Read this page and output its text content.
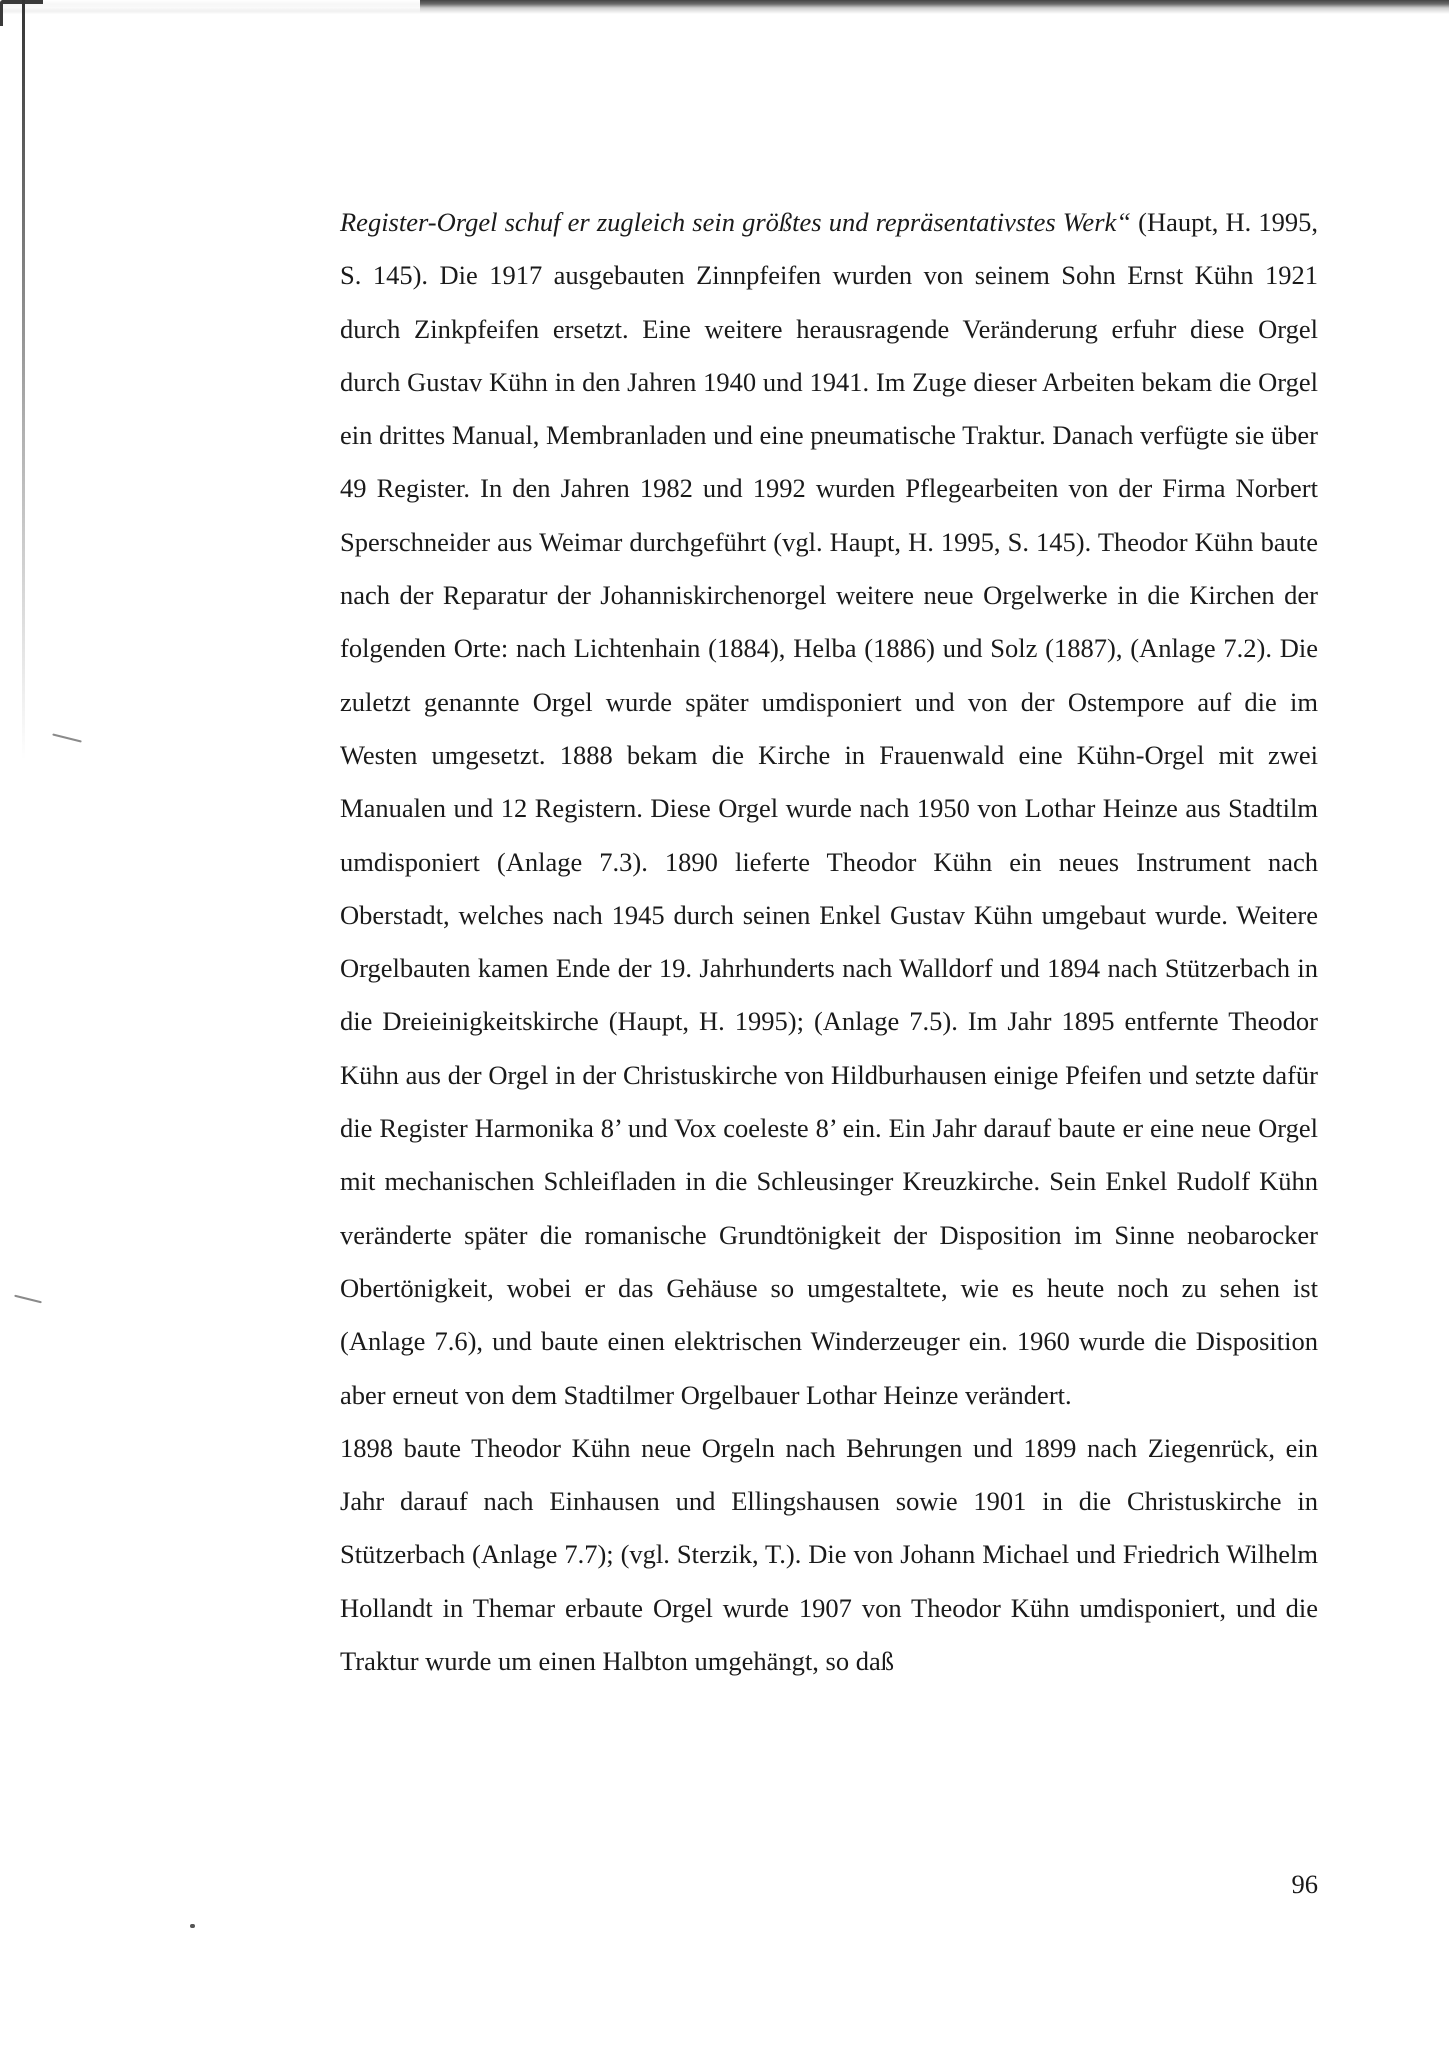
Register-Orgel schuf er zugleich sein größtes und repräsentativstes Werk“ (Haupt, H. 1995, S. 145). Die 1917 ausgebauten Zinnpfeifen wurden von seinem Sohn Ernst Kühn 1921 durch Zinkpfeifen ersetzt. Eine weitere herausragende Veränderung erfuhr diese Orgel durch Gustav Kühn in den Jahren 1940 und 1941. Im Zuge dieser Arbeiten bekam die Orgel ein drittes Manual, Membranladen und eine pneumatische Traktur. Danach verfügte sie über 49 Register. In den Jahren 1982 und 1992 wurden Pflegearbeiten von der Firma Norbert Sperschneider aus Weimar durchgeführt (vgl. Haupt, H. 1995, S. 145). Theodor Kühn baute nach der Reparatur der Johanniskirchenorgel weitere neue Orgelwerke in die Kirchen der folgenden Orte: nach Lichtenhain (1884), Helba (1886) und Solz (1887), (Anlage 7.2). Die zuletzt genannte Orgel wurde später umdisponiert und von der Ostempore auf die im Westen umgesetzt. 1888 bekam die Kirche in Frauenwald eine Kühn-Orgel mit zwei Manualen und 12 Registern. Diese Orgel wurde nach 1950 von Lothar Heinze aus Stadtilm umdisponiert (Anlage 7.3). 1890 lieferte Theodor Kühn ein neues Instrument nach Oberstadt, welches nach 1945 durch seinen Enkel Gustav Kühn umgebaut wurde. Weitere Orgelbauten kamen Ende der 19. Jahrhunderts nach Walldorf und 1894 nach Stützerbach in die Dreieinigkeitskirche (Haupt, H. 1995); (Anlage 7.5). Im Jahr 1895 entfernte Theodor Kühn aus der Orgel in der Christuskirche von Hildburhausen einige Pfeifen und setzte dafür die Register Harmonika 8’ und Vox coeleste 8’ ein. Ein Jahr darauf baute er eine neue Orgel mit mechanischen Schleifladen in die Schleusinger Kreuzkirche. Sein Enkel Rudolf Kühn veränderte später die romanische Grundtönigkeit der Disposition im Sinne neobarocker Obertönigkeit, wobei er das Gehäuse so umgestaltete, wie es heute noch zu sehen ist (Anlage 7.6), und baute einen elektrischen Winderzeuger ein. 1960 wurde die Disposition aber erneut von dem Stadtilmer Orgelbauer Lothar Heinze verändert.

1898 baute Theodor Kühn neue Orgeln nach Behrungen und 1899 nach Ziegenrück, ein Jahr darauf nach Einhausen und Ellingshausen sowie 1901 in die Christuskirche in Stützerbach (Anlage 7.7); (vgl. Sterzik, T.). Die von Johann Michael und Friedrich Wilhelm Hollandt in Themar erbaute Orgel wurde 1907 von Theodor Kühn umdisponiert, und die Traktur wurde um einen Halbton umgehängt, so daß

96
